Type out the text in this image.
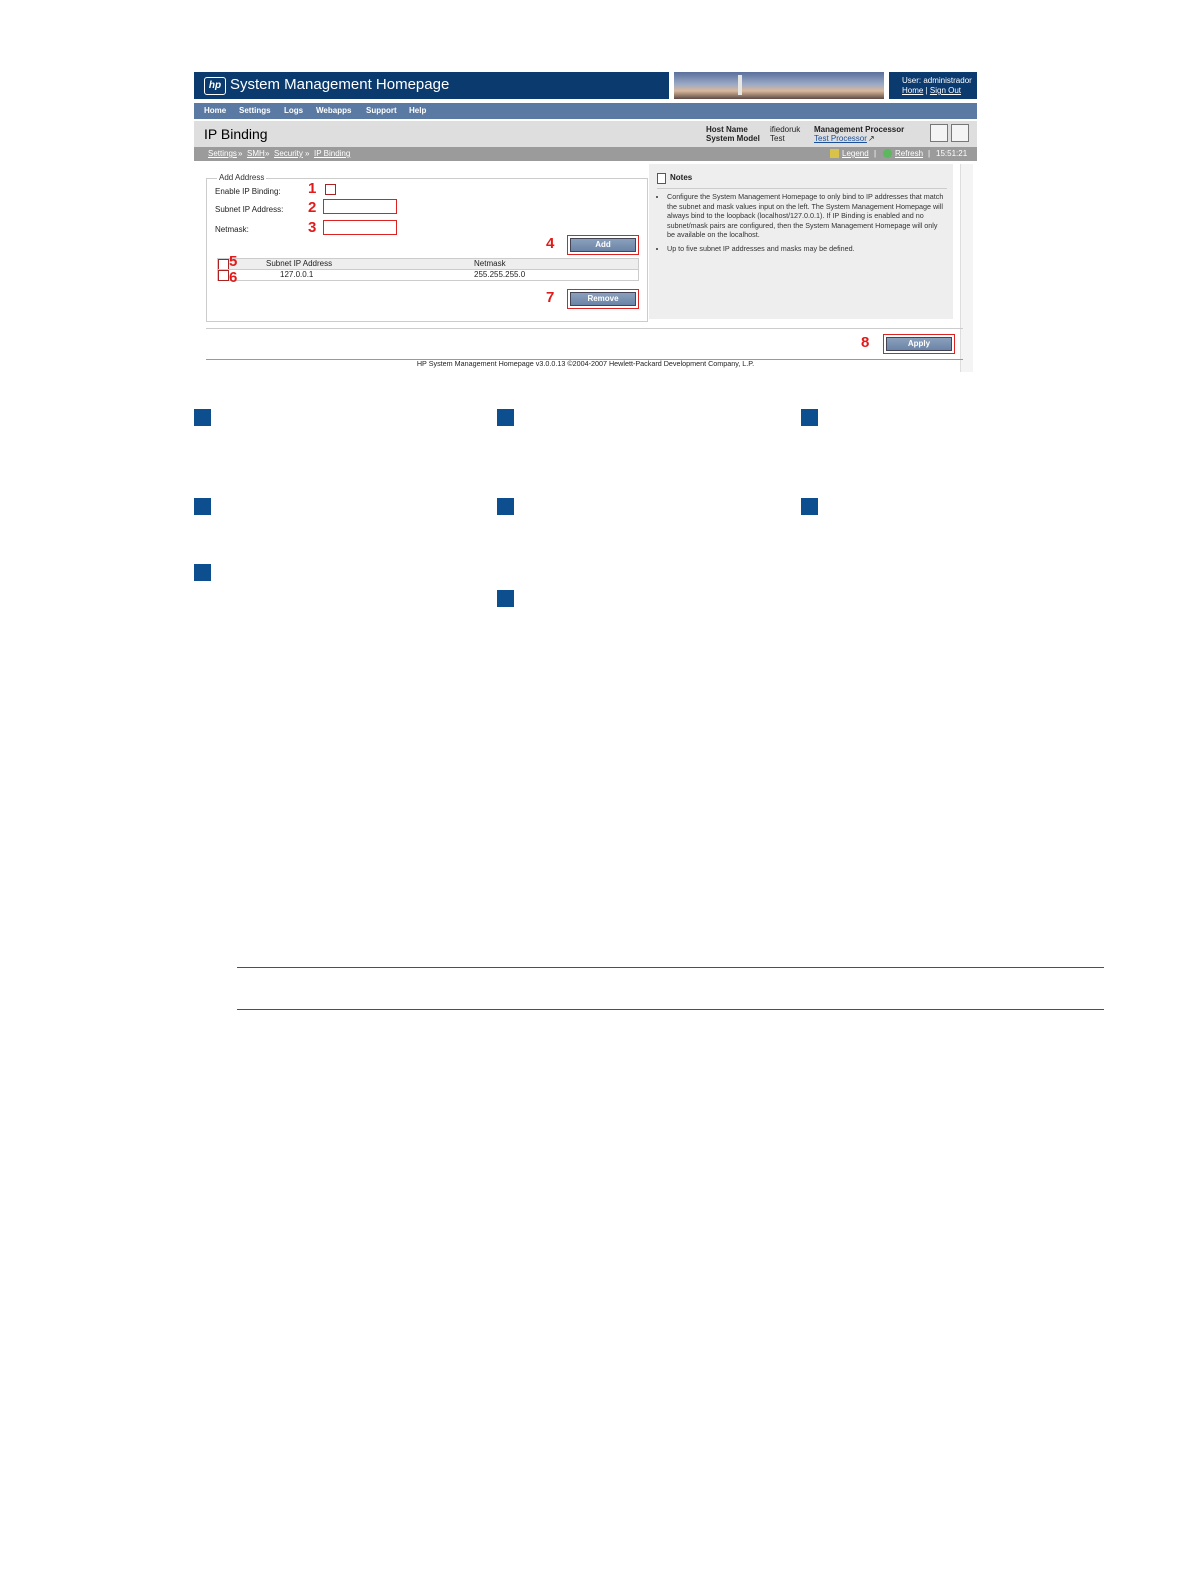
hp System Management Homepage	User: administrador
Home | Sign Out
Home Settings Logs Webapps Support Help
IP Binding	Host Name	ifiedoruk
System Model Test
Management Processor
Test Processor ↗
Settings » SMH » Security » IP Binding	Legend | Refresh | 15:51:21
Add Address
Enable IP Binding: 1
Subnet IP Address: 2
Netmask:	3
4	Add
Subnet IP Address	Netmask
5
127.0.0.1	255.255.255.0
6
7	Remove
Notes
• Configure the System Management Homepage to only bind to IP addresses that match the subnet and mask values input on the left. The System Management Homepage will always bind to the loopback (localhost/127.0.0.1). If IP Binding is enabled and no subnet/mask pairs are configured, then the System Management Homepage will only be available on the localhost.
• Up to five subnet IP addresses and masks may be defined.
8	Apply
HP System Management Homepage v3.0.0.13 ©2004-2007 Hewlett-Packard Development Company, L.P.
